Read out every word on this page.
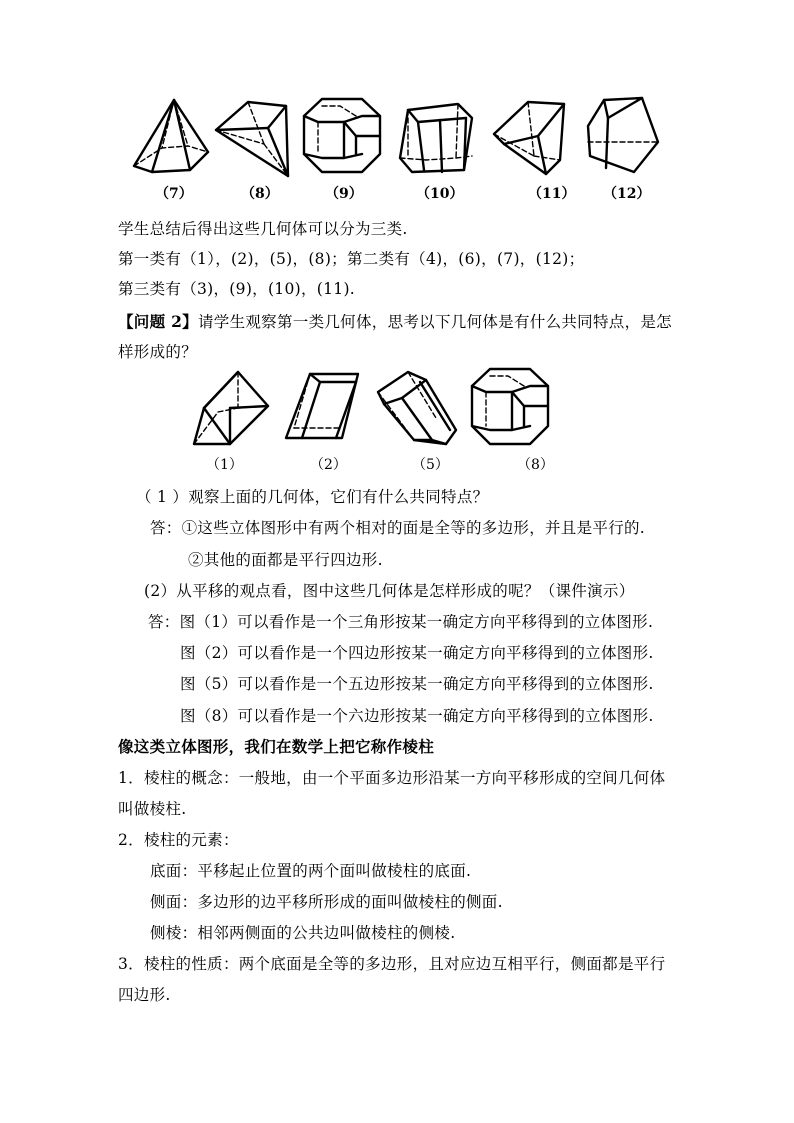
（7）	（8）	（9）	（10）	（11） （12）
学生总结后得出这些几何体可以分为三类.
第一类有（1），(2)，(5)，(8)；第二类有（4)，(6)，(7)，(12)；
第三类有（3)，(9)，(10)，(11).
【问题 2】请学生观察第一类几何体，思考以下几何体是有什么共同特点，是怎
样形成的？
（1）	（2）	（5）	（8）
（ 1 ）观察上面的几何体，它们有什么共同特点？
答：①这些立体图形中有两个相对的面是全等的多边形，并且是平行的.
②其他的面都是平行四边形.
(2）从平移的观点看，图中这些几何体是怎样形成的呢？（课件演示）
答：图（1）可以看作是一个三角形按某一确定方向平移得到的立体图形.
图（2）可以看作是一个四边形按某一确定方向平移得到的立体图形.
图（5）可以看作是一个五边形按某一确定方向平移得到的立体图形.
图（8）可以看作是一个六边形按某一确定方向平移得到的立体图形.
像这类立体图形，我们在数学上把它称作棱柱
1．棱柱的概念：一般地，由一个平面多边形沿某一方向平移形成的空间几何体
叫做棱柱.
2．棱柱的元素：
底面：平移起止位置的两个面叫做棱柱的底面.
侧面：多边形的边平移所形成的面叫做棱柱的侧面.
侧棱：相邻两侧面的公共边叫做棱柱的侧棱.
3．棱柱的性质：两个底面是全等的多边形，且对应边互相平行，侧面都是平行
四边形.
